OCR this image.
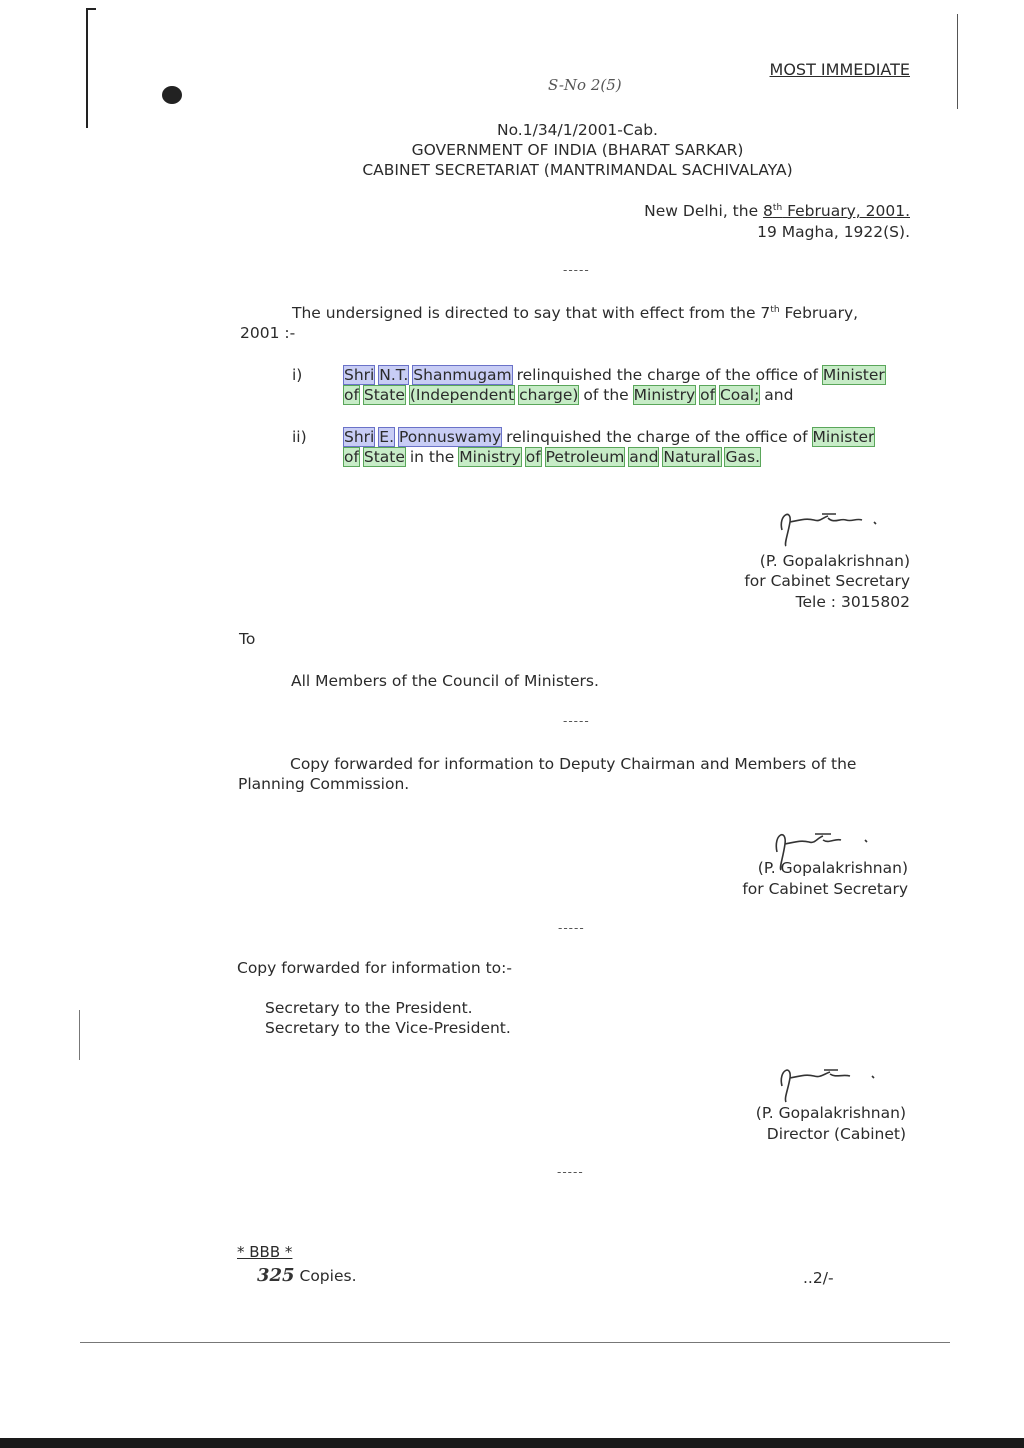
MOST IMMEDIATE
S-No 2(5)
No.1/34/1/2001-Cab.
GOVERNMENT OF INDIA (BHARAT SARKAR)
CABINET SECRETARIAT (MANTRIMANDAL SACHIVALAYA)
New Delhi, the 8th February, 2001.
19 Magha, 1922(S).
-----
The undersigned is directed to say that with effect from the 7th February,
2001 :-
i)	Shri N.T. Shanmugam relinquished the charge of the office of Minister
of State (Independent charge) of the Ministry of Coal; and
ii) Shri E. Ponnuswamy relinquished the charge of the office of Minister
of State in the Ministry of Petroleum and Natural Gas.
(P. Gopalakrishnan)
for Cabinet Secretary
Tele : 3015802
To
All Members of the Council of Ministers.
-----
Copy forwarded for information to Deputy Chairman and Members of the
Planning Commission.
(P. Gopalakrishnan)
for Cabinet Secretary
-----
Copy forwarded for information to:-
Secretary to the President.
Secretary to the Vice-President.
(P. Gopalakrishnan)
Director (Cabinet)
-----
* BBB *
325 Copies.	..2/-
